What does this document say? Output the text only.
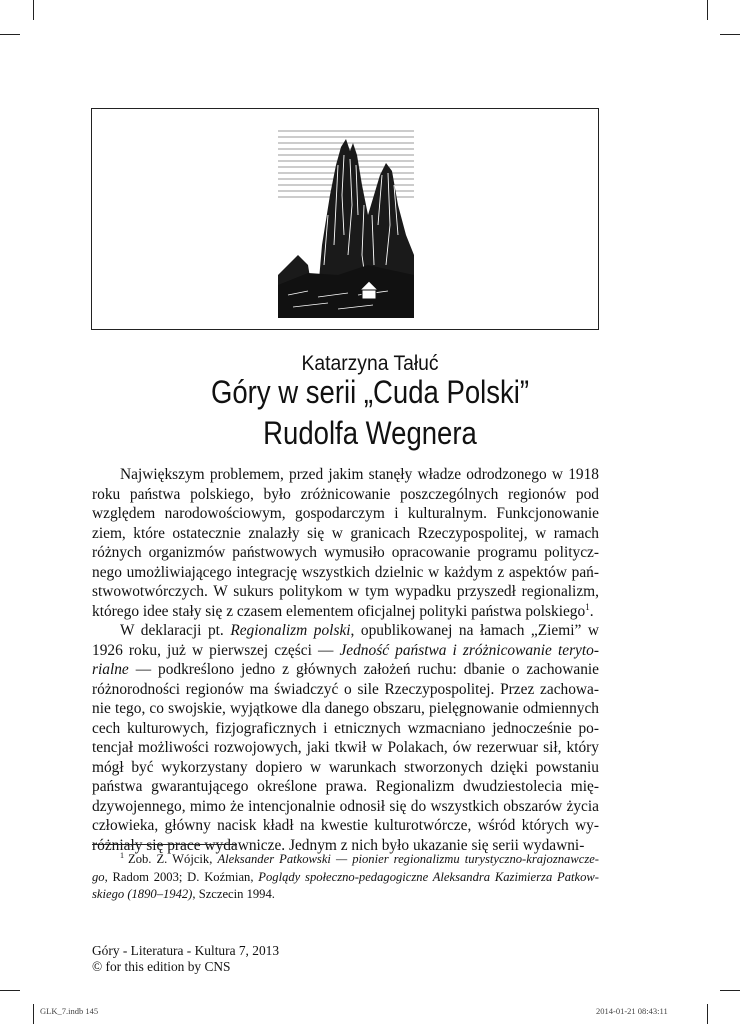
Katarzyna Tałuć
Góry w serii „Cuda Polski”
Rudolfa Wegnera

Największym problemem, przed jakim stanęły władze odrodzonego w 1918 roku państwa polskiego, było zróżnicowanie poszczególnych regionów pod względem narodowościowym, gospodarczym i kulturalnym. Funkcjonowanie ziem, które ostatecznie znalazły się w granicach Rzeczypospolitej, w ramach różnych organizmów państwowych wymusiło opracowanie programu politycz-nego umożliwiającego integrację wszystkich dzielnic w każdym z aspektów pań-stwowotwórczych. W sukurs politykom w tym wypadku przyszedł regionalizm, którego idee stały się z czasem elementem oficjalnej polityki państwa polskiego$^1$.

W deklaracji pt. Regionalizm polski, opublikowanej na łamach „Ziemi” w 1926 roku, już w pierwszej części — Jedność państwa i zróżnicowanie teryto-rialne — podkreślono jedno z głównych założeń ruchu: dbanie o zachowanie różnorodności regionów ma świadczyć o sile Rzeczypospolitej. Przez zachowa-nie tego, co swojskie, wyjątkowe dla danego obszaru, pielęgnowanie odmiennych cech kulturowych, fizjograficznych i etnicznych wzmacniano jednocześnie po-tencjał możliwości rozwojowych, jaki tkwił w Polakach, ów rezerwuar sił, który mógł być wykorzystany dopiero w warunkach stworzonych dzięki powstaniu państwa gwarantującego określone prawa. Regionalizm dwudziestolecia mię-dzywojennego, mimo że intencjonalnie odnosił się do wszystkich obszarów życia człowieka, główny nacisk kładł na kwestie kulturotwórcze, wśród których wy-różniały się prace wydawnicze. Jednym z nich było ukazanie się serii wydawni-

$^1$ Zob. Z. Wójcik, Aleksander Patkowski — pionier regionalizmu turystyczno-krajoznawcze-go, Radom 2003; D. Koźmian, Poglądy społeczno-pedagogiczne Aleksandra Kazimierza Patkow-skiego (1890–1942), Szczecin 1994.

Góry - Literatura - Kultura 7, 2013
© for this edition by CNS
GLK_7.indb 145	2014-01-21 08:43:11
